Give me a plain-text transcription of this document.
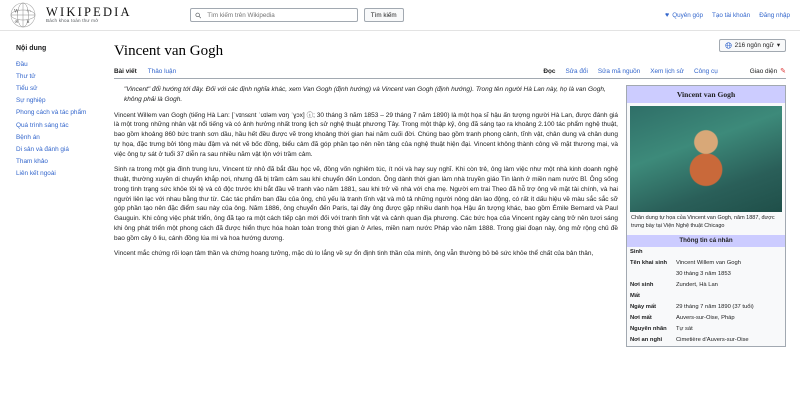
W い
अ и
WIKIPEDIA
Bách khoa toàn thư mở
Tìm kiếm trên Wikipedia
Tìm kiếm	♥ Quyên góp Tạo tài khoản Đăng nhập
Nội dung
Đầu
Thư tử
Tiểu sử
Sự nghiệp
Phong cách và tác phẩm
Quá trình sáng tác
Bệnh án
Di sản và đánh giá
Tham khảo
Liên kết ngoài
216 ngôn ngữ ▾
Vincent van Gogh
Bài viết Thảo luận	Đọc Sửa đổi Sửa mã nguồn Xem lịch sử Công cụ	Giao diện ✎
Vincent van Gogh
Chân dung tự họa của Vincent van Gogh, năm 1887, được trưng bày tại Viện Nghệ thuật Chicago
Thông tin cá nhân
Sinh	
Tên khai sinh	Vincent Willem van Gogh
	30 tháng 3 năm 1853
Nơi sinh	Zundert, Hà Lan
Mất	
Ngày mất	29 tháng 7 năm 1890 (37 tuổi)
Nơi mất	Auvers-sur-Oise, Pháp
Nguyên nhân	Tự sát
Nơi an nghỉ	Cimetière d'Auvers-sur-Oise

"Vincent" đổi hướng tới đây. Đối với các định nghĩa khác, xem Van Gogh (định hướng) và Vincent van Gogh (định hướng). Trong tên người Hà Lan này, họ là van Gogh, không phải là Gogh.

Vincent Willem van Gogh (tiếng Hà Lan: [ˈvɪnsɛnt ˈʋɪləm vɑŋ ˈɣɔx] ⓘ; 30 tháng 3 năm 1853 – 29 tháng 7 năm 1890) là một họa sĩ hậu ấn tượng người Hà Lan, được đánh giá là một trong những nhân vật nổi tiếng và có ảnh hưởng nhất trong lịch sử nghệ thuật phương Tây. Trong một thập kỷ, ông đã sáng tạo ra khoảng 2.100 tác phẩm nghệ thuật, bao gồm khoảng 860 bức tranh sơn dầu, hầu hết đều được vẽ trong khoảng thời gian hai năm cuối đời. Chúng bao gồm tranh phong cảnh, tĩnh vật, chân dung và chân dung tự họa, đặc trưng bởi tông màu đậm và nét vẽ bốc đồng, biểu cảm đã góp phần tạo nên nền tảng của nghệ thuật hiện đại. Vincent không thành công về mặt thương mại, và việc ông tự sát ở tuổi 37 diễn ra sau nhiều năm vật lộn với trầm cảm.

Sinh ra trong một gia đình trung lưu, Vincent từ nhỏ đã bắt đầu học vẽ, đồng vốn nghiêm túc, ít nói và hay suy nghĩ. Khi còn trẻ, ông làm việc như một nhà kinh doanh nghệ thuật, thường xuyên di chuyển khắp nơi, nhưng đã bị trầm cảm sau khi chuyển đến London. Ông dành thời gian làm nhà truyền giáo Tin lành ở miền nam nước Bỉ. Ông sống trong tình trạng sức khỏe tồi tệ và cô độc trước khi bắt đầu vẽ tranh vào năm 1881, sau khi trở về nhà với cha mẹ. Người em trai Theo đã hỗ trợ ông về mặt tài chính, và hai người liên lạc với nhau bằng thư từ. Các tác phẩm ban đầu của ông, chủ yếu là tranh tĩnh vật và mô tả những người nông dân lao động, có rất ít dấu hiệu về màu sắc sắc sỡ góp phần tạo nên đặc điểm sau này của ông. Năm 1886, ông chuyển đến Paris, tại đây ông được gặp nhiều danh họa Hậu ấn tượng khác, bao gồm Émile Bernard và Paul Gauguin. Khi công việc phát triển, ông đã tạo ra một cách tiếp cận mới đối với tranh tĩnh vật và cảnh quan địa phương. Các bức họa của Vincent ngày càng trở nên tươi sáng khi ông phát triển một phong cách đã được hiển thực hóa hoàn toàn trong thời gian ở Arles, miền nam nước Pháp vào năm 1888. Trong giai đoạn này, ông mở rộng chủ đề bao gồm cây ô liu, cánh đồng lúa mì và hoa hướng dương.

Vincent mắc chứng rối loạn tâm thần và chứng hoang tưởng, mặc dù lo lắng về sự ổn định tinh thần của mình, ông vẫn thường bỏ bê sức khỏe thể chất của bản thân,
